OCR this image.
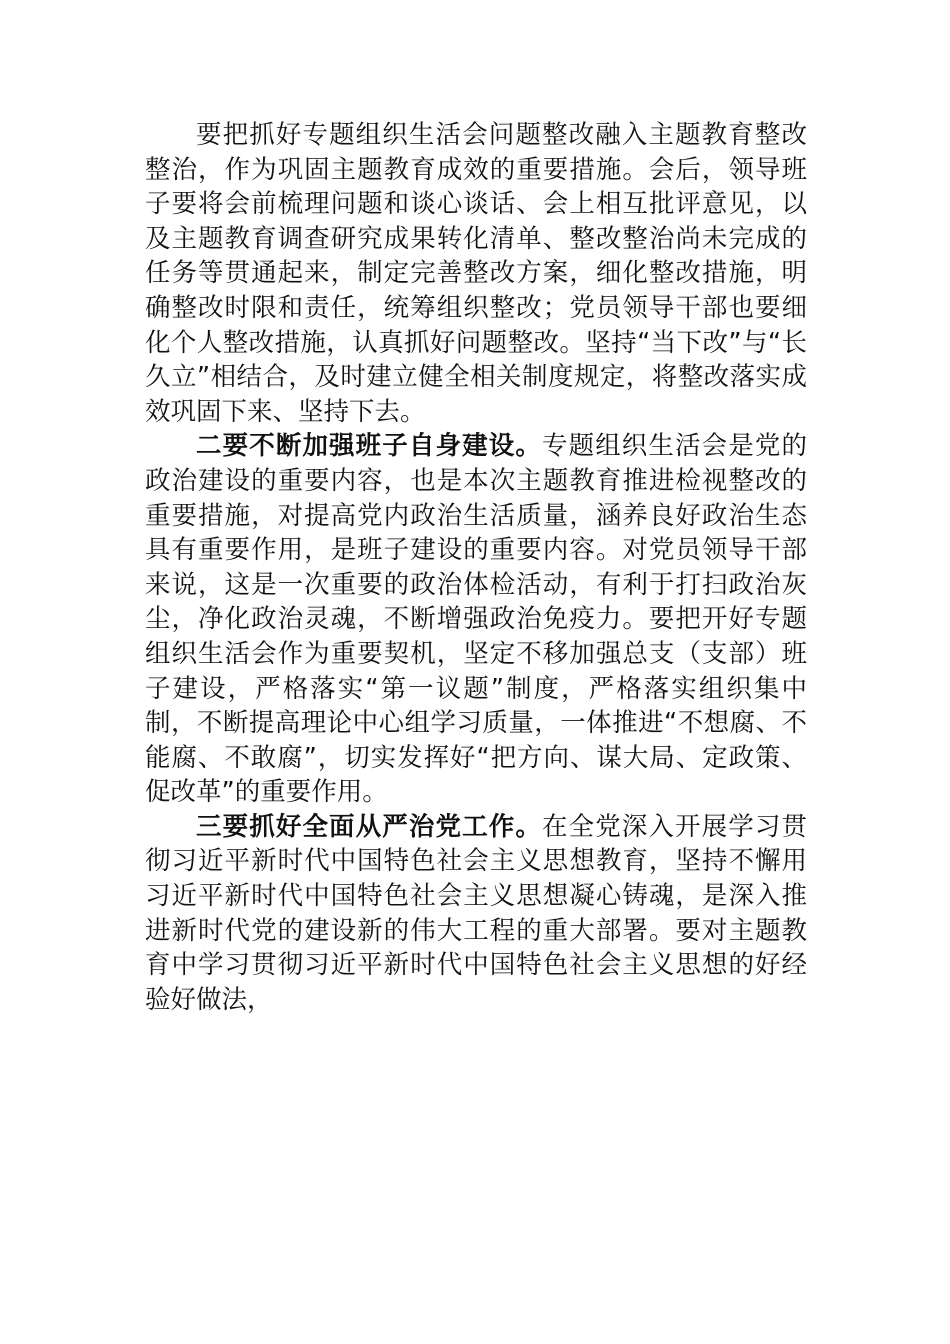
要把抓好专题组织生活会问题整改融入主题教育整改整治，作为巩固主题教育成效的重要措施。会后，领导班子要将会前梳理问题和谈心谈话、会上相互批评意见，以及主题教育调查研究成果转化清单、整改整治尚未完成的任务等贯通起来，制定完善整改方案，细化整改措施，明确整改时限和责任，统筹组织整改；党员领导干部也要细化个人整改措施，认真抓好问题整改。坚持“当下改”与“长久立”相结合，及时建立健全相关制度规定，将整改落实成效巩固下来、坚持下去。

二要不断加强班子自身建设。专题组织生活会是党的政治建设的重要内容，也是本次主题教育推进检视整改的重要措施，对提高党内政治生活质量，涵养良好政治生态具有重要作用，是班子建设的重要内容。对党员领导干部来说，这是一次重要的政治体检活动，有利于打扫政治灰尘，净化政治灵魂，不断增强政治免疫力。要把开好专题组织生活会作为重要契机，坚定不移加强总支（支部）班子建设，严格落实“第一议题”制度，严格落实组织集中制，不断提高理论中心组学习质量，一体推进“不想腐、不能腐、不敢腐”，切实发挥好“把方向、谋大局、定政策、促改革”的重要作用。

三要抓好全面从严治党工作。在全党深入开展学习贯彻习近平新时代中国特色社会主义思想教育，坚持不懈用习近平新时代中国特色社会主义思想凝心铸魂，是深入推进新时代党的建设新的伟大工程的重大部署。要对主题教育中学习贯彻习近平新时代中国特色社会主义思想的好经验好做法，
